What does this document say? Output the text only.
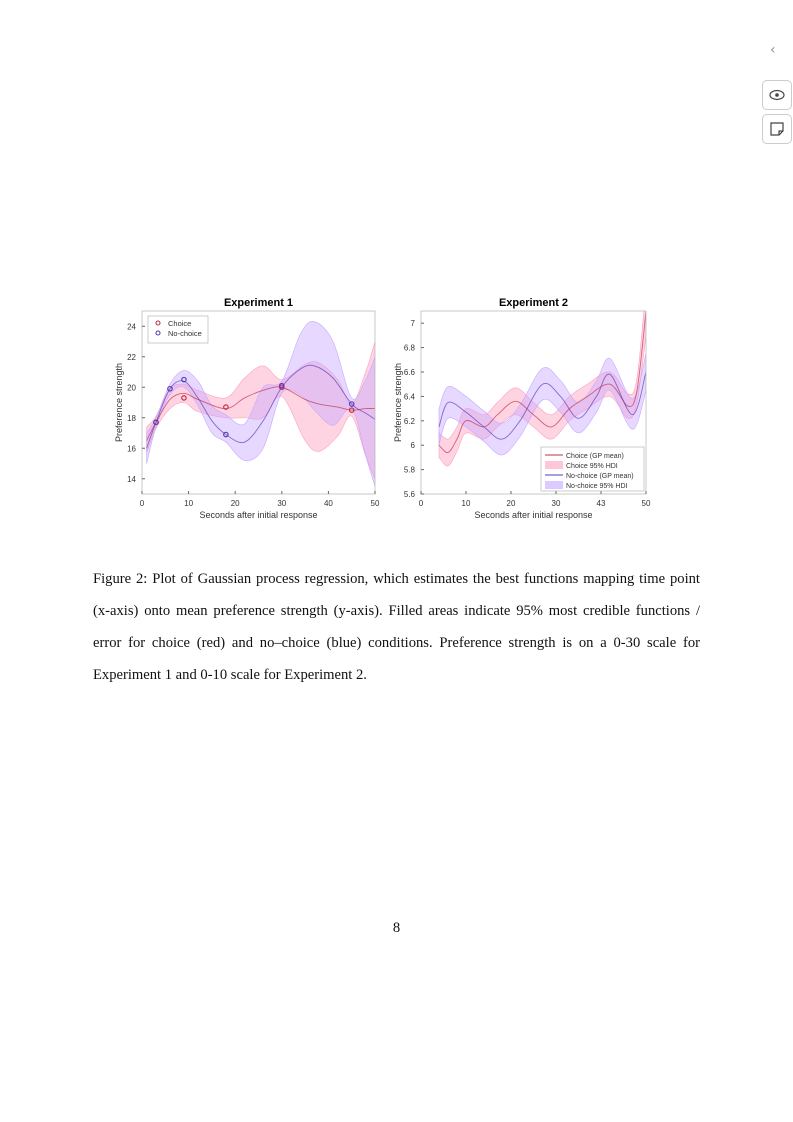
‹
0	10	20	30	40	50
14
16
18
20
22
24
Experiment 1
Seconds after initial response
Preference strength
Choice
No-choice
0	10	20	30	43	50
5.6
5.8
6
6.2
6.4
6.6
6.8
7
Experiment 2
Seconds after initial response
Preference strength
Choice (GP mean)
Choice 95% HDI
No-choice (GP mean)
No-choice 95% HDI
Figure 2: Plot of Gaussian process regression, which estimates the best functions mapping time point (x-axis) onto mean preference strength (y-axis). Filled areas indicate 95% most credible functions / error for choice (red) and no–choice (blue) conditions. Preference strength is on a 0-30 scale for Experiment 1 and 0-10 scale for Experiment 2.
8
